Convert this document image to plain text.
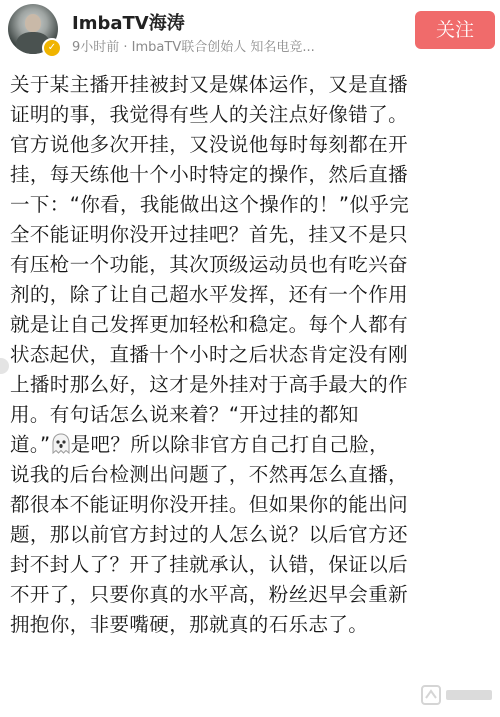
✓
ImbaTV海涛
9小时前 · ImbaTV联合创始人 知名电竞...
关注
关于某主播开挂被封又是媒体运作，又是直播
证明的事，我觉得有些人的关注点好像错了。
官方说他多次开挂，又没说他每时每刻都在开
挂，每天练他十个小时特定的操作，然后直播
一下：“你看，我能做出这个操作的！”似乎完
全不能证明你没开过挂吧？首先，挂又不是只
有压枪一个功能，其次顶级运动员也有吃兴奋
剂的，除了让自己超水平发挥，还有一个作用
就是让自己发挥更加轻松和稳定。每个人都有
状态起伏，直播十个小时之后状态肯定没有刚
上播时那么好，这才是外挂对于高手最大的作
用。有句话怎么说来着？“开过挂的都知
道。” 是吧？所以除非官方自己打自己脸，
说我的后台检测出问题了，不然再怎么直播，
都很本不能证明你没开挂。但如果你的能出问
题，那以前官方封过的人怎么说？以后官方还
封不封人了？开了挂就承认，认错，保证以后
不开了，只要你真的水平高，粉丝迟早会重新
拥抱你，非要嘴硬，那就真的石乐志了。
